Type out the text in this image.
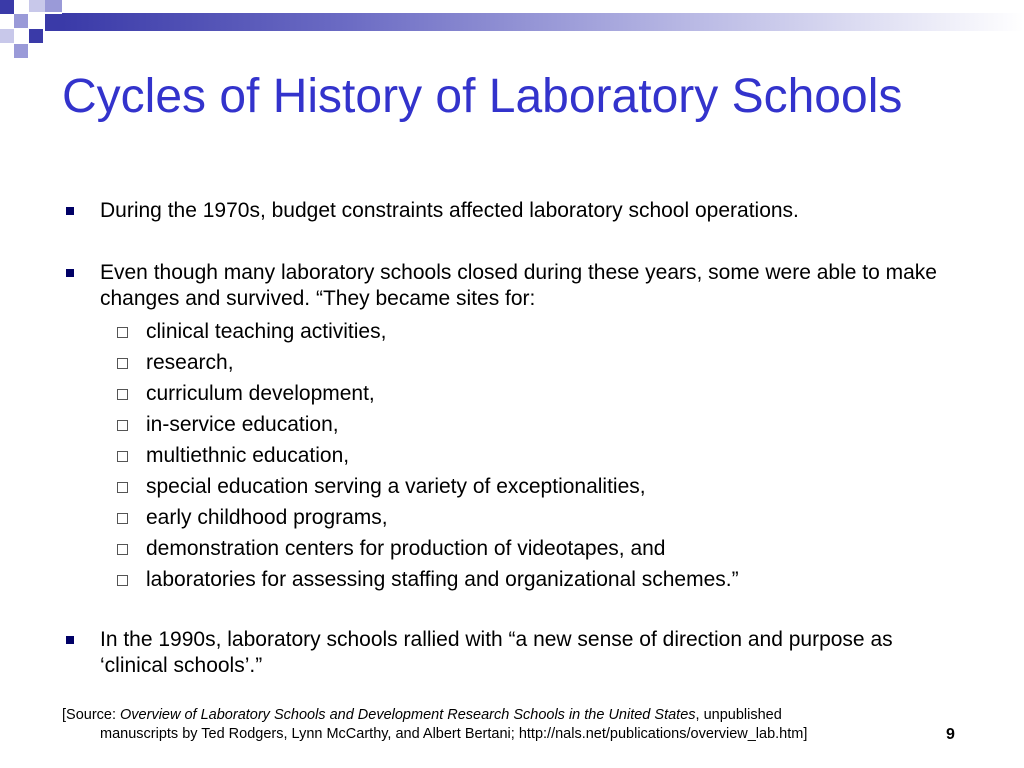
Cycles of History of Laboratory Schools
During the 1970s, budget constraints affected laboratory school operations.
Even though many laboratory schools closed during these years, some were able to make changes and survived. “They became sites for:
clinical teaching activities,
research,
curriculum development,
in-service education,
multiethnic education,
special education serving a variety of exceptionalities,
early childhood programs,
demonstration centers for production of videotapes, and
laboratories for assessing staffing and organizational schemes.”
In the 1990s, laboratory schools rallied with “a new sense of direction and purpose as ‘clinical schools’.”
[Source: Overview of Laboratory Schools and Development Research Schools in the United States, unpublished
manuscripts by Ted Rodgers, Lynn McCarthy, and Albert Bertani; http://nals.net/publications/overview_lab.htm]	9
